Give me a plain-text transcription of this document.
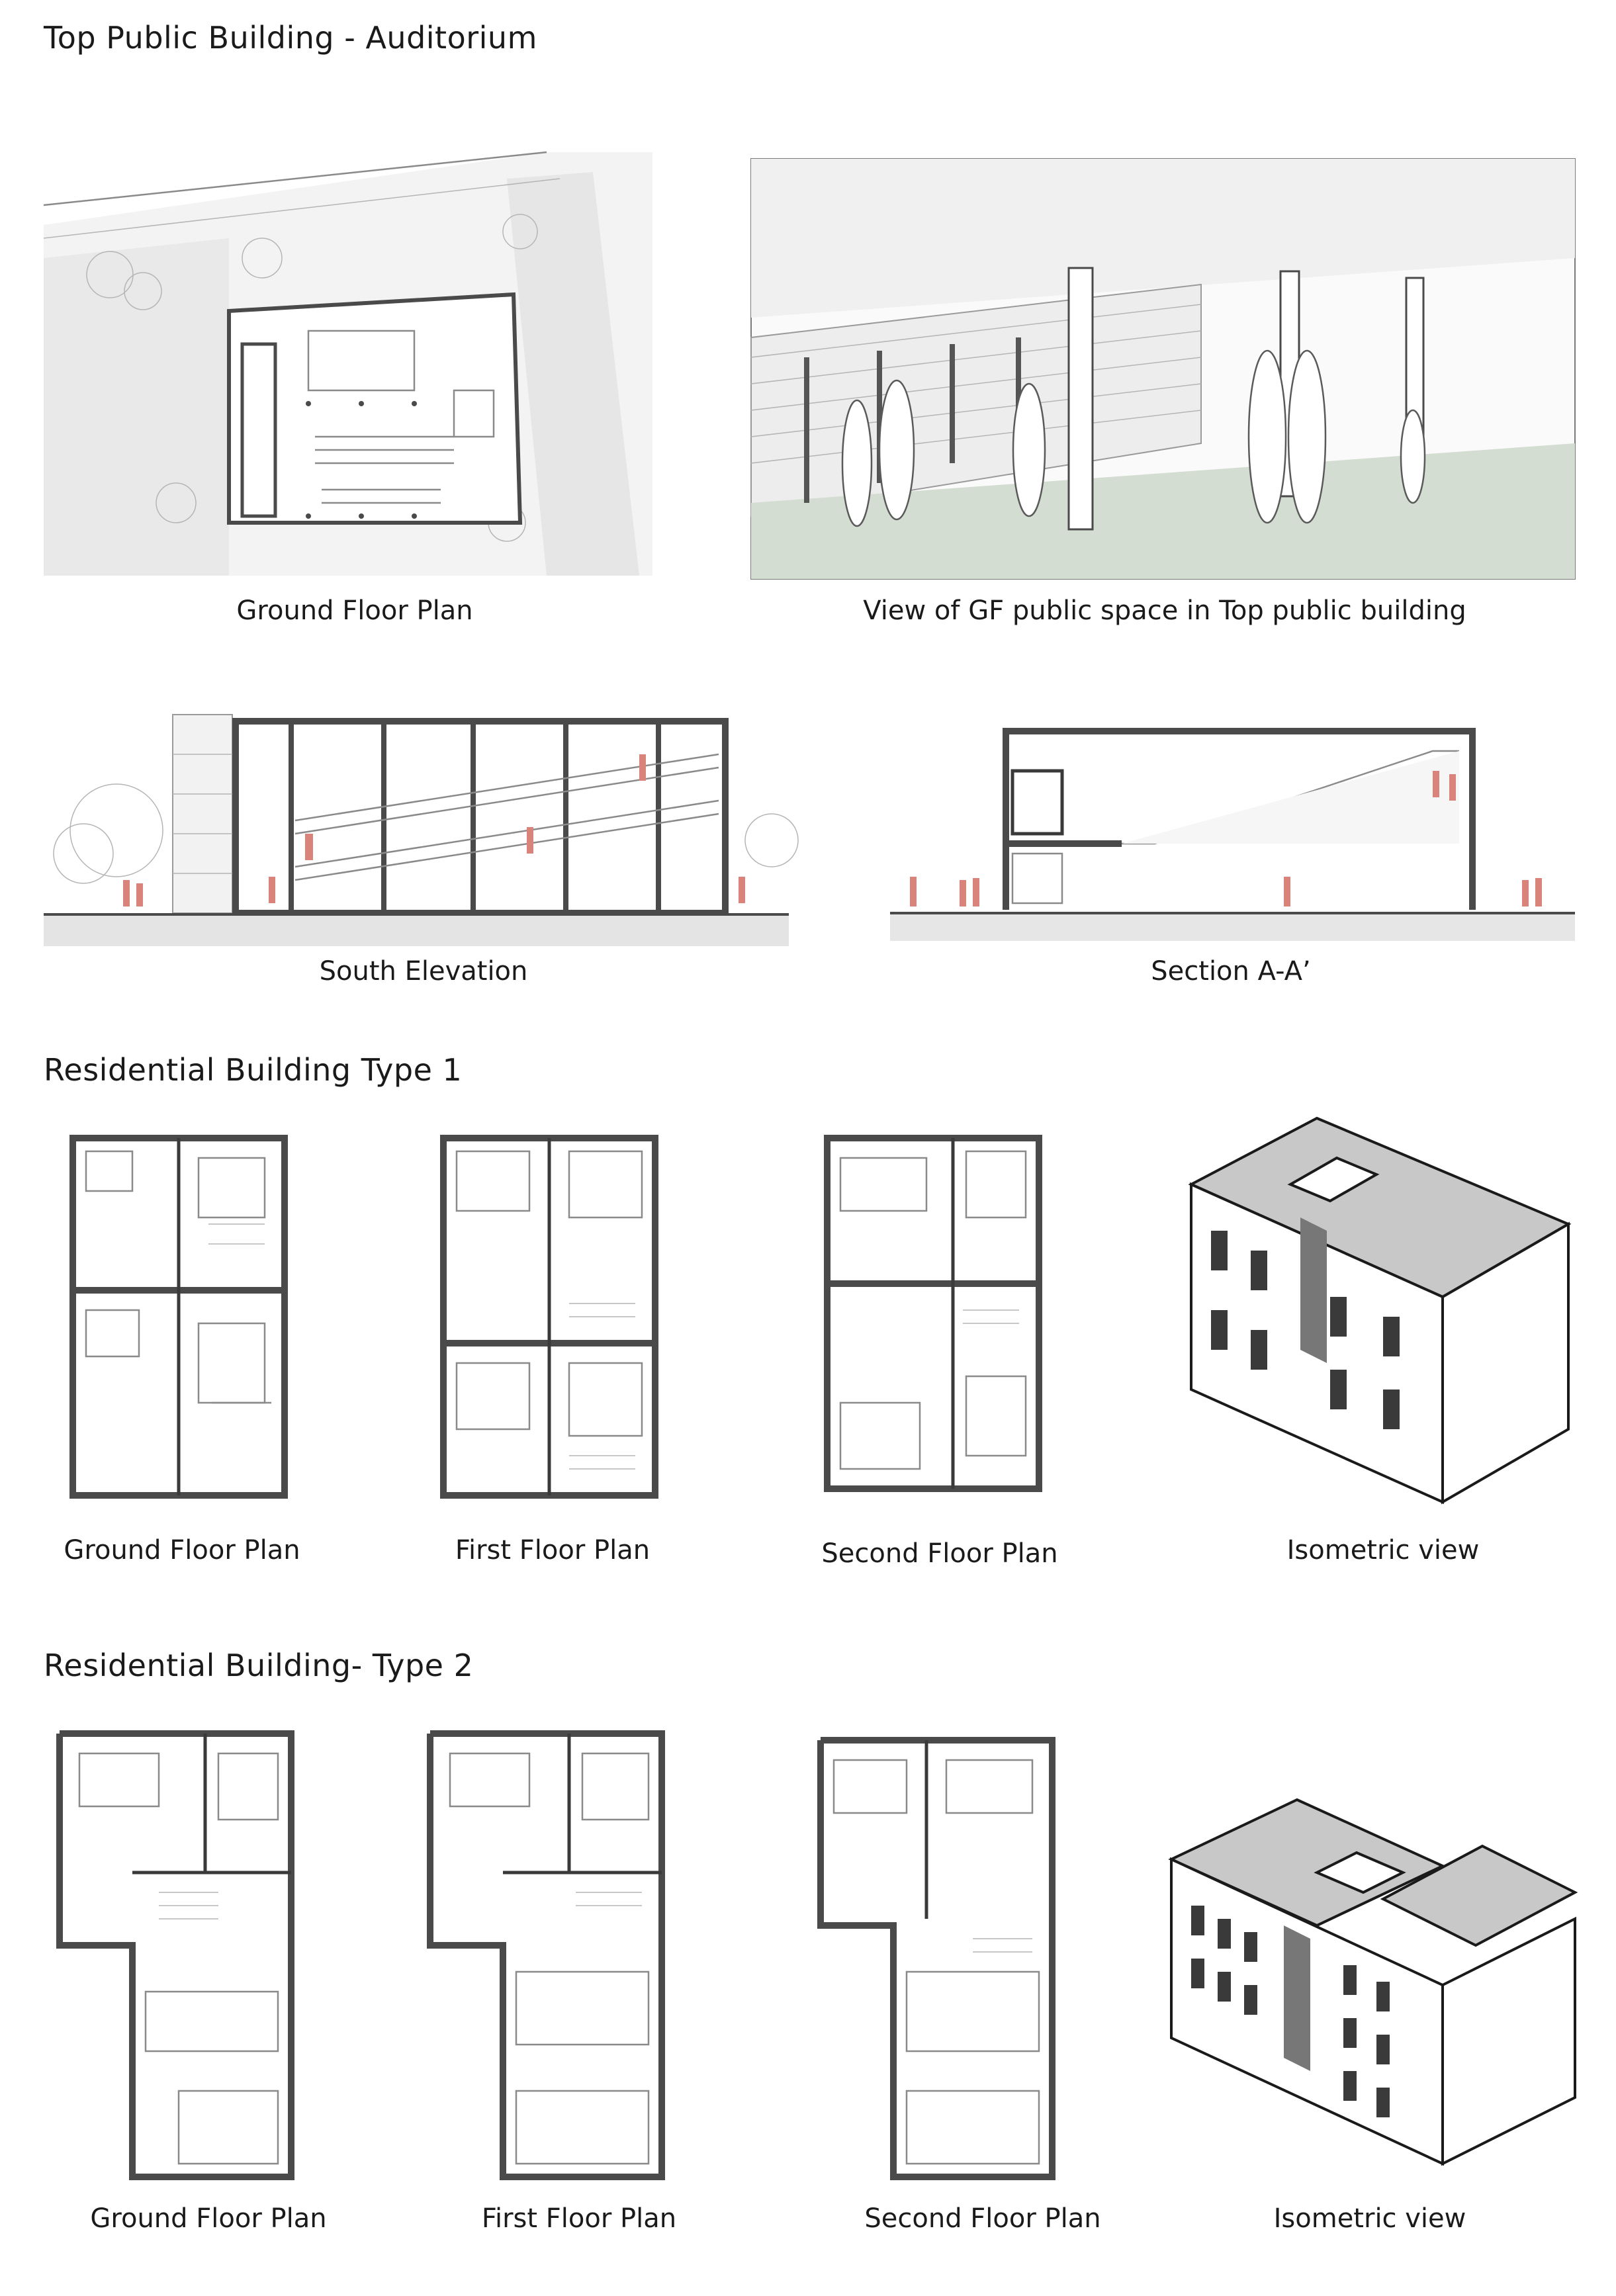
Top Public Building - Auditorium
Ground Floor Plan	View of GF public space in Top public building
South Elevation	Section A-A’
Residential Building Type 1
Ground Floor Plan	First Floor Plan	Second Floor Plan	Isometric view
Residential Building- Type 2
Ground Floor Plan	First Floor Plan	Second Floor Plan	Isometric view
